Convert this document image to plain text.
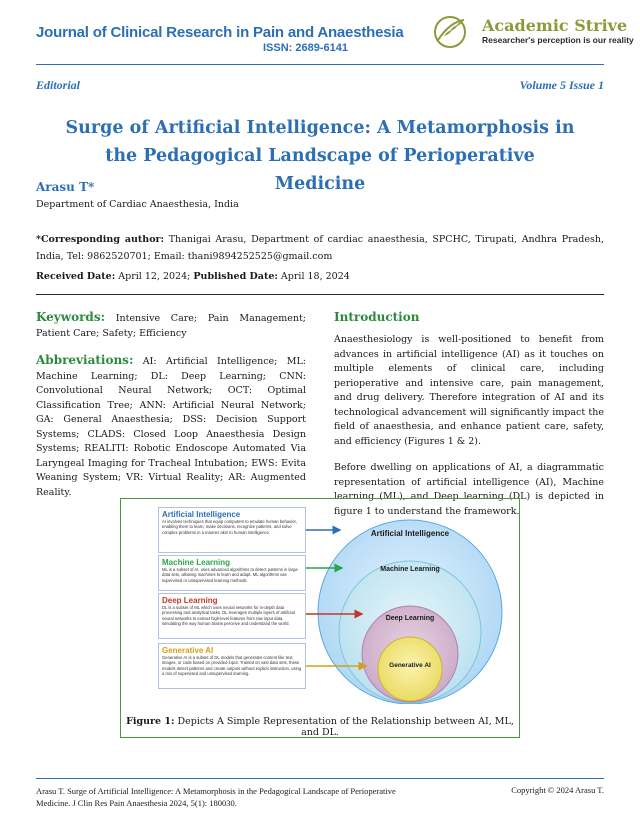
Journal of Clinical Research in Pain and Anaesthesia
ISSN: 2689-6141
Academic Strive
Researcher's perception is our reality
Editorial	Volume 5 Issue 1
Surge of Artificial Intelligence: A Metamorphosis in the Pedagogical Landscape of Perioperative Medicine
Arasu T*
Department of Cardiac Anaesthesia, India
*Corresponding author: Thanigai Arasu, Department of cardiac anaesthesia, SPCHC, Tirupati, Andhra Pradesh, India, Tel: 9862520701; Email: thani9894252525@gmail.com
Received Date: April 12, 2024; Published Date: April 18, 2024

Keywords: Intensive Care; Pain Management; Patient Care; Safety; Efficiency

Abbreviations: AI: Artificial Intelligence; ML: Machine Learning; DL: Deep Learning; CNN: Convolutional Neural Network; OCT: Optimal Classification Tree; ANN: Artificial Neural Network; GA: General Anaesthesia; DSS: Decision Support Systems; CLADS: Closed Loop Anaesthesia Design Systems; REALITI: Robotic Endoscope Automated Via Laryngeal Imaging for Tracheal Intubation; EWS: Evita Weaning System; VR: Virtual Reality; AR: Augmented Reality.

Introduction

Anaesthesiology is well-positioned to benefit from advances in artificial intelligence (AI) as it touches on multiple elements of clinical care, including perioperative and intensive care, pain management, and drug delivery. Therefore integration of AI and its technological advancement will significantly impact the field of anaesthesia, and enhance patient care, safety, and efficiency (Figures 1 & 2).

Before dwelling on applications of AI, a diagrammatic representation of artificial intelligence (AI), Machine learning (ML), and Deep learning (DL) is depicted in figure 1 to understand the framework.

Artificial Intelligence
AI involves techniques that equip computers to emulate human behavior, enabling them to learn, make decisions, recognize patterns, and solve complex problems in a manner akin to human intelligence.
Machine Learning
ML is a subset of AI, uses advanced algorithms to detect patterns in large data sets, allowing machines to learn and adapt. ML algorithms use supervised or unsupervised learning methods.
Deep Learning
DL is a subset of ML which uses neural networks for in-depth data processing and analytical tasks. DL leverages multiple layers of artificial neural networks to extract high-level features from raw input data, simulating the way human brains perceive and understand the world.
Generative AI
Generative AI is a subset of DL models that generates content like text, images, or code based on provided input. Trained on vast data sets, these models detect patterns and create outputs without explicit instruction, using a mix of supervised and unsupervised learning.
Artificial Intelligence
Machine Learning
Deep Learning
Generative AI
Figure 1: Depicts A Simple Representation of the Relationship between AI, ML, and DL.
Arasu T. Surge of Artificial Intelligence: A Metamorphosis in the Pedagogical Landscape of Perioperative Medicine. J Clin Res Pain Anaesthesia 2024, 5(1): 180030.
Copyright © 2024 Arasu T.
